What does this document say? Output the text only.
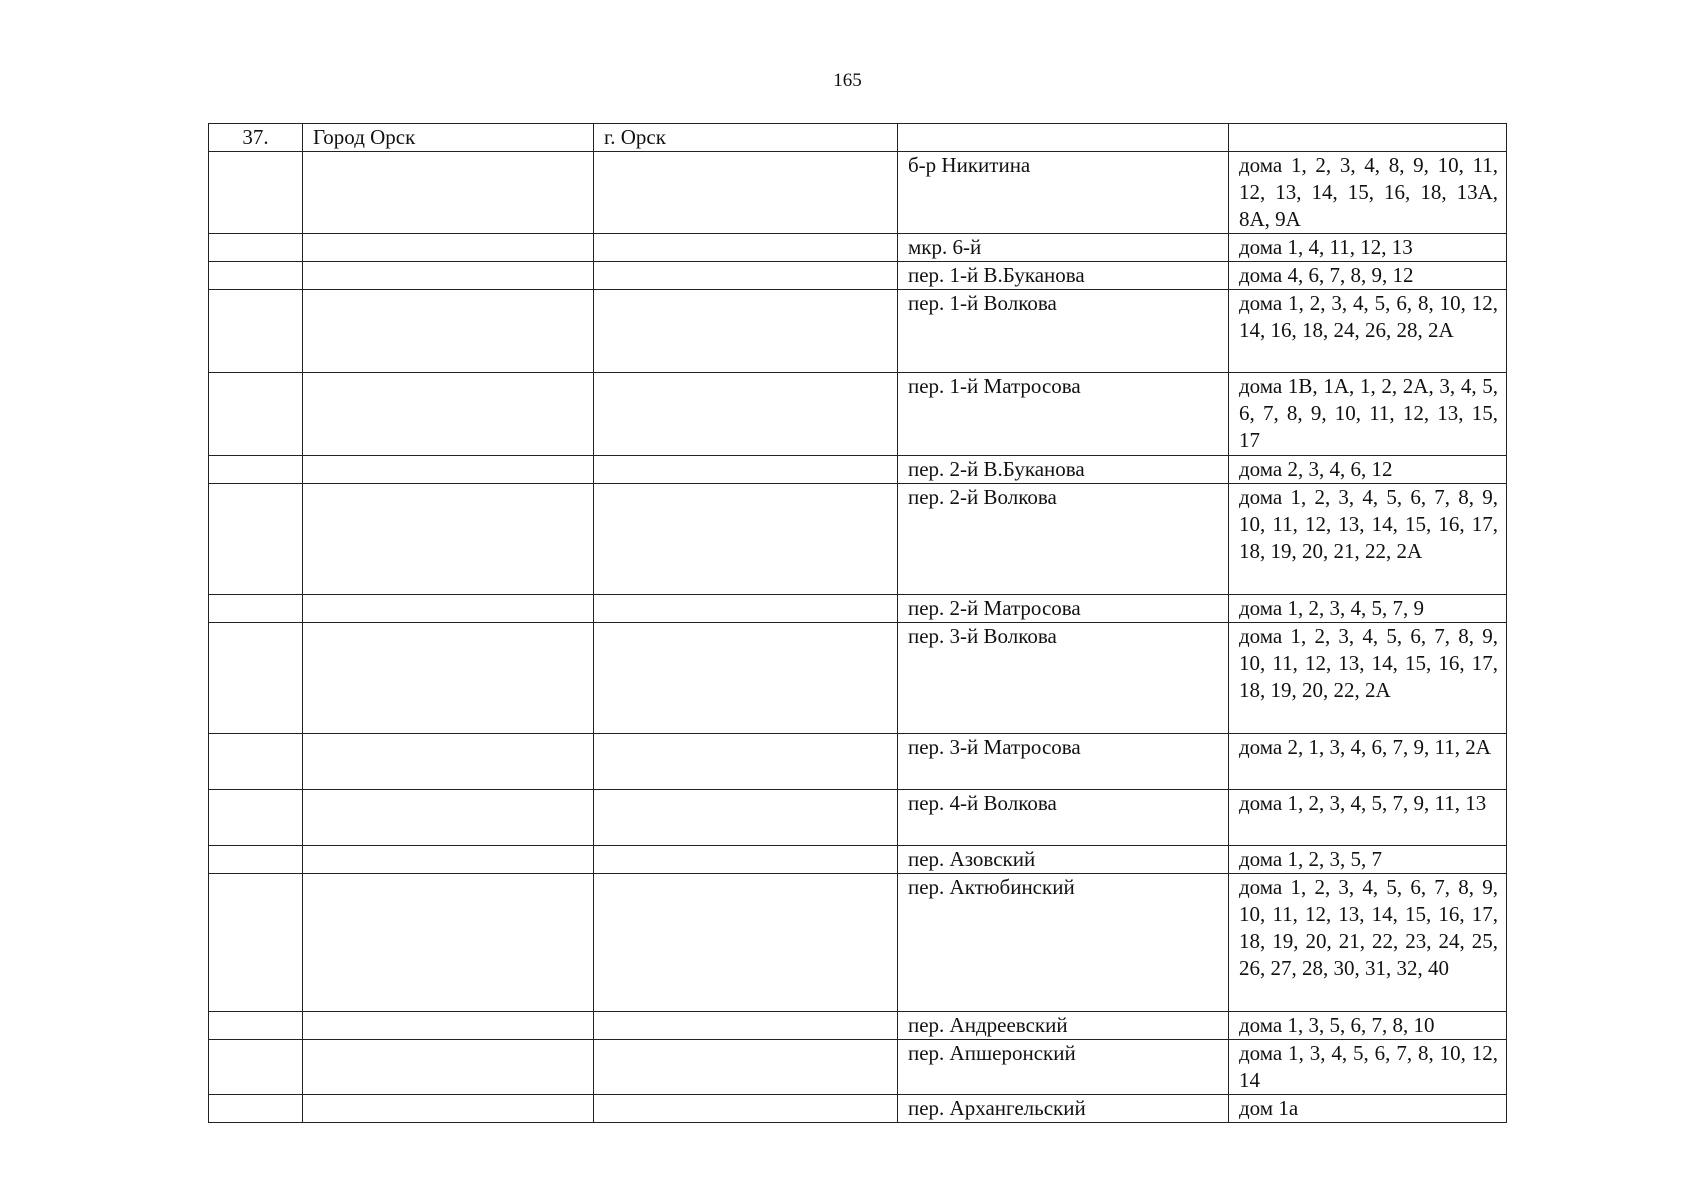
165
37.	Город Орск	г. Орск		
			б-р Никитина	дома 1, 2, 3, 4, 8, 9, 10, 11, 12, 13, 14, 15, 16, 18, 13А, 8А, 9А
			мкр. 6-й	дома 1, 4, 11, 12, 13
			пер. 1-й В.Буканова	дома 4, 6, 7, 8, 9, 12
			пер. 1-й Волкова	дома 1, 2, 3, 4, 5, 6, 8, 10, 12, 14, 16, 18, 24, 26, 28, 2А
			пер. 1-й Матросова	дома 1В, 1А, 1, 2, 2А, 3, 4, 5, 6, 7, 8, 9, 10, 11, 12, 13, 15, 17
			пер. 2-й В.Буканова	дома 2, 3, 4, 6, 12
			пер. 2-й Волкова	дома 1, 2, 3, 4, 5, 6, 7, 8, 9, 10, 11, 12, 13, 14, 15, 16, 17, 18, 19, 20, 21, 22, 2А
			пер. 2-й Матросова	дома 1, 2, 3, 4, 5, 7, 9
			пер. 3-й Волкова	дома 1, 2, 3, 4, 5, 6, 7, 8, 9, 10, 11, 12, 13, 14, 15, 16, 17, 18, 19, 20, 22, 2А
			пер. 3-й Матросова	дома 2, 1, 3, 4, 6, 7, 9, 11, 2А
			пер. 4-й Волкова	дома 1, 2, 3, 4, 5, 7, 9, 11, 13
			пер. Азовский	дома 1, 2, 3, 5, 7
			пер. Актюбинский	дома 1, 2, 3, 4, 5, 6, 7, 8, 9, 10, 11, 12, 13, 14, 15, 16, 17, 18, 19, 20, 21, 22, 23, 24, 25, 26, 27, 28, 30, 31, 32, 40
			пер. Андреевский	дома 1, 3, 5, 6, 7, 8, 10
			пер. Апшеронский	дома 1, 3, 4, 5, 6, 7, 8, 10, 12, 14
			пер. Архангельский	дом 1а
